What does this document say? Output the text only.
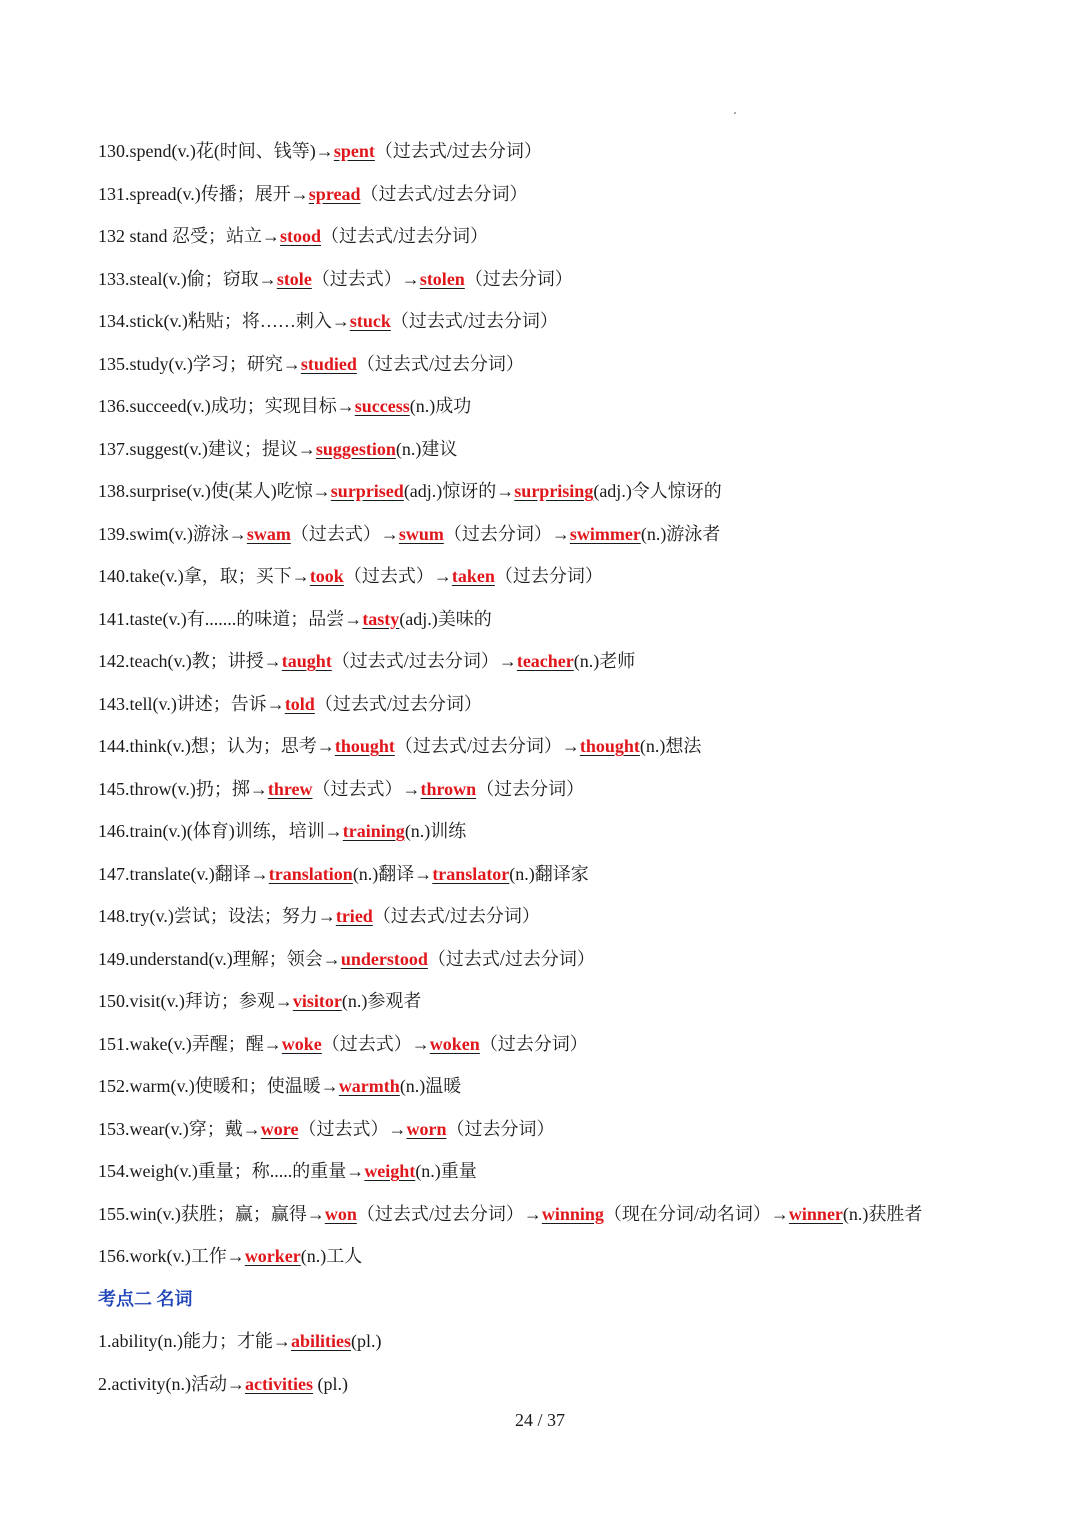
130.spend(v.)花(时间、钱等)→spent（过去式/过去分词）
131.spread(v.)传播；展开→spread（过去式/过去分词）
132 stand 忍受；站立→stood（过去式/过去分词）
133.steal(v.)偷；窃取→stole（过去式）→stolen（过去分词）
134.stick(v.)粘贴；将……刺入→stuck（过去式/过去分词）
135.study(v.)学习；研究→studied（过去式/过去分词）
136.succeed(v.)成功；实现目标→success(n.)成功
137.suggest(v.)建议；提议→suggestion(n.)建议
138.surprise(v.)使(某人)吃惊→surprised(adj.)惊讶的→surprising(adj.)令人惊讶的
139.swim(v.)游泳→swam（过去式）→swum（过去分词）→swimmer(n.)游泳者
140.take(v.)拿，取；买下→took（过去式）→taken（过去分词）
141.taste(v.)有.......的味道；品尝→tasty(adj.)美味的
142.teach(v.)教；讲授→taught（过去式/过去分词）→teacher(n.)老师
143.tell(v.)讲述；告诉→told（过去式/过去分词）
144.think(v.)想；认为；思考→thought（过去式/过去分词）→thought(n.)想法
145.throw(v.)扔；掷→threw（过去式）→thrown（过去分词）
146.train(v.)(体育)训练，培训→training(n.)训练
147.translate(v.)翻译→translation(n.)翻译→translator(n.)翻译家
148.try(v.)尝试；设法；努力→tried（过去式/过去分词）
149.understand(v.)理解；领会→understood（过去式/过去分词）
150.visit(v.)拜访；参观→visitor(n.)参观者
151.wake(v.)弄醒；醒→woke（过去式）→woken（过去分词）
152.warm(v.)使暖和；使温暖→warmth(n.)温暖
153.wear(v.)穿；戴→wore（过去式）→worn（过去分词）
154.weigh(v.)重量；称.....的重量→weight(n.)重量
155.win(v.)获胜；赢；赢得→won（过去式/过去分词）→winning（现在分词/动名词）→winner(n.)获胜者
156.work(v.)工作→worker(n.)工人
考点二 名词
1.ability(n.)能力；才能→abilities(pl.)
2.activity(n.)活动→activities (pl.)
24 / 37
